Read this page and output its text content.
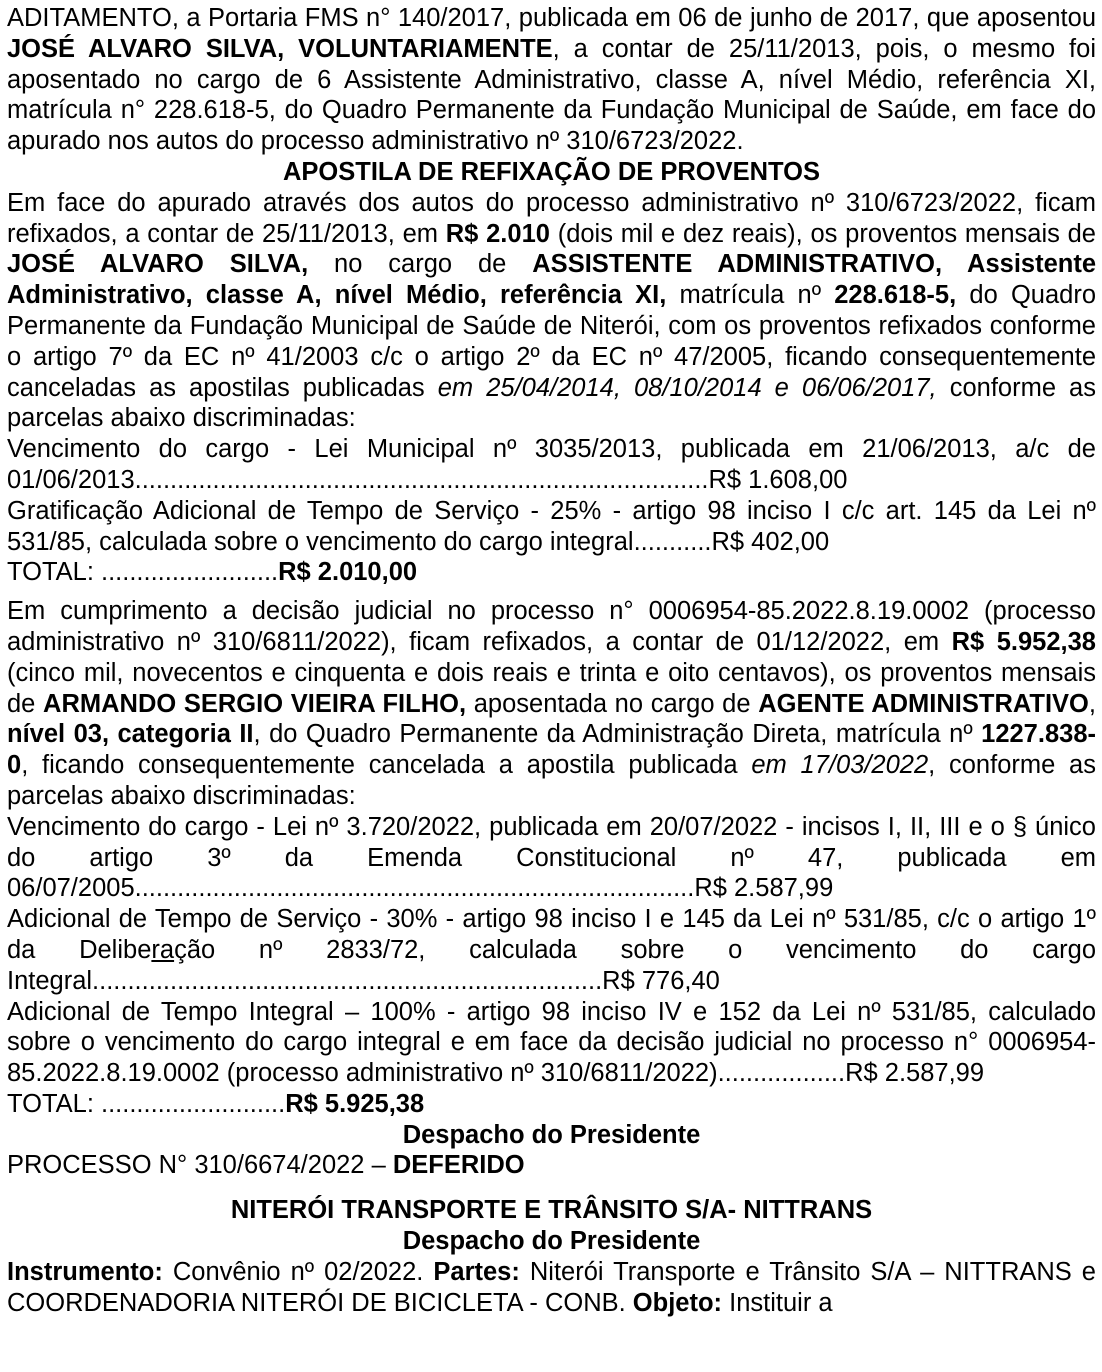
ADITAMENTO, a Portaria FMS n° 140/2017, publicada em 06 de junho de 2017, que aposentou JOSÉ ALVARO SILVA, VOLUNTARIAMENTE, a contar de 25/11/2013, pois, o mesmo foi aposentado no cargo de 6 Assistente Administrativo, classe A, nível Médio, referência XI, matrícula n° 228.618-5, do Quadro Permanente da Fundação Municipal de Saúde, em face do apurado nos autos do processo administrativo nº 310/6723/2022.

APOSTILA DE REFIXAÇÃO DE PROVENTOS

Em face do apurado através dos autos do processo administrativo nº 310/6723/2022, ficam refixados, a contar de 25/11/2013, em R$ 2.010 (dois mil e dez reais), os proventos mensais de JOSÉ ALVARO SILVA, no cargo de ASSISTENTE ADMINISTRATIVO, Assistente Administrativo, classe A, nível Médio, referência XI, matrícula nº 228.618-5, do Quadro Permanente da Fundação Municipal de Saúde de Niterói, com os proventos refixados conforme o artigo 7º da EC nº 41/2003 c/c o artigo 2º da EC nº 47/2005, ficando consequentemente canceladas as apostilas publicadas em 25/04/2014, 08/10/2014 e 06/06/2017, conforme as parcelas abaixo discriminadas:

Vencimento do cargo - Lei Municipal nº 3035/2013, publicada em 21/06/2013, a/c de 01/06/2013.................................................................................R$ 1.608,00

Gratificação Adicional de Tempo de Serviço - 25% - artigo 98 inciso I c/c art. 145 da Lei nº 531/85, calculada sobre o vencimento do cargo integral...........R$ 402,00

TOTAL: .........................R$ 2.010,00

Em cumprimento a decisão judicial no processo n° 0006954-85.2022.8.19.0002 (processo administrativo nº 310/6811/2022), ficam refixados, a contar de 01/12/2022, em R$ 5.952,38 (cinco mil, novecentos e cinquenta e dois reais e trinta e oito centavos), os proventos mensais de ARMANDO SERGIO VIEIRA FILHO, aposentada no cargo de AGENTE ADMINISTRATIVO, nível 03, categoria II, do Quadro Permanente da Administração Direta, matrícula nº 1227.838-0, ficando consequentemente cancelada a apostila publicada em 17/03/2022, conforme as parcelas abaixo discriminadas:

Vencimento do cargo - Lei nº 3.720/2022, publicada em 20/07/2022 - incisos I, II, III e o § único do artigo 3º da Emenda Constitucional nº 47, publicada em 06/07/2005...............................................................................R$ 2.587,99

Adicional de Tempo de Serviço - 30% - artigo 98 inciso I e 145 da Lei nº 531/85, c/c o artigo 1º da Deliberação nº 2833/72, calculada sobre o vencimento do cargo Integral........................................................................R$ 776,40

Adicional de Tempo Integral – 100% - artigo 98 inciso IV e 152 da Lei nº 531/85, calculado sobre o vencimento do cargo integral e em face da decisão judicial no processo n° 0006954-85.2022.8.19.0002 (processo administrativo nº 310/6811/2022)..................R$ 2.587,99

TOTAL: ..........................R$ 5.925,38

Despacho do Presidente

PROCESSO N° 310/6674/2022 – DEFERIDO

NITERÓI TRANSPORTE E TRÂNSITO S/A- NITTRANS

Despacho do Presidente

Instrumento: Convênio nº 02/2022. Partes: Niterói Transporte e Trânsito S/A – NITTRANS e COORDENADORIA NITERÓI DE BICICLETA - CONB. Objeto: Instituir a
